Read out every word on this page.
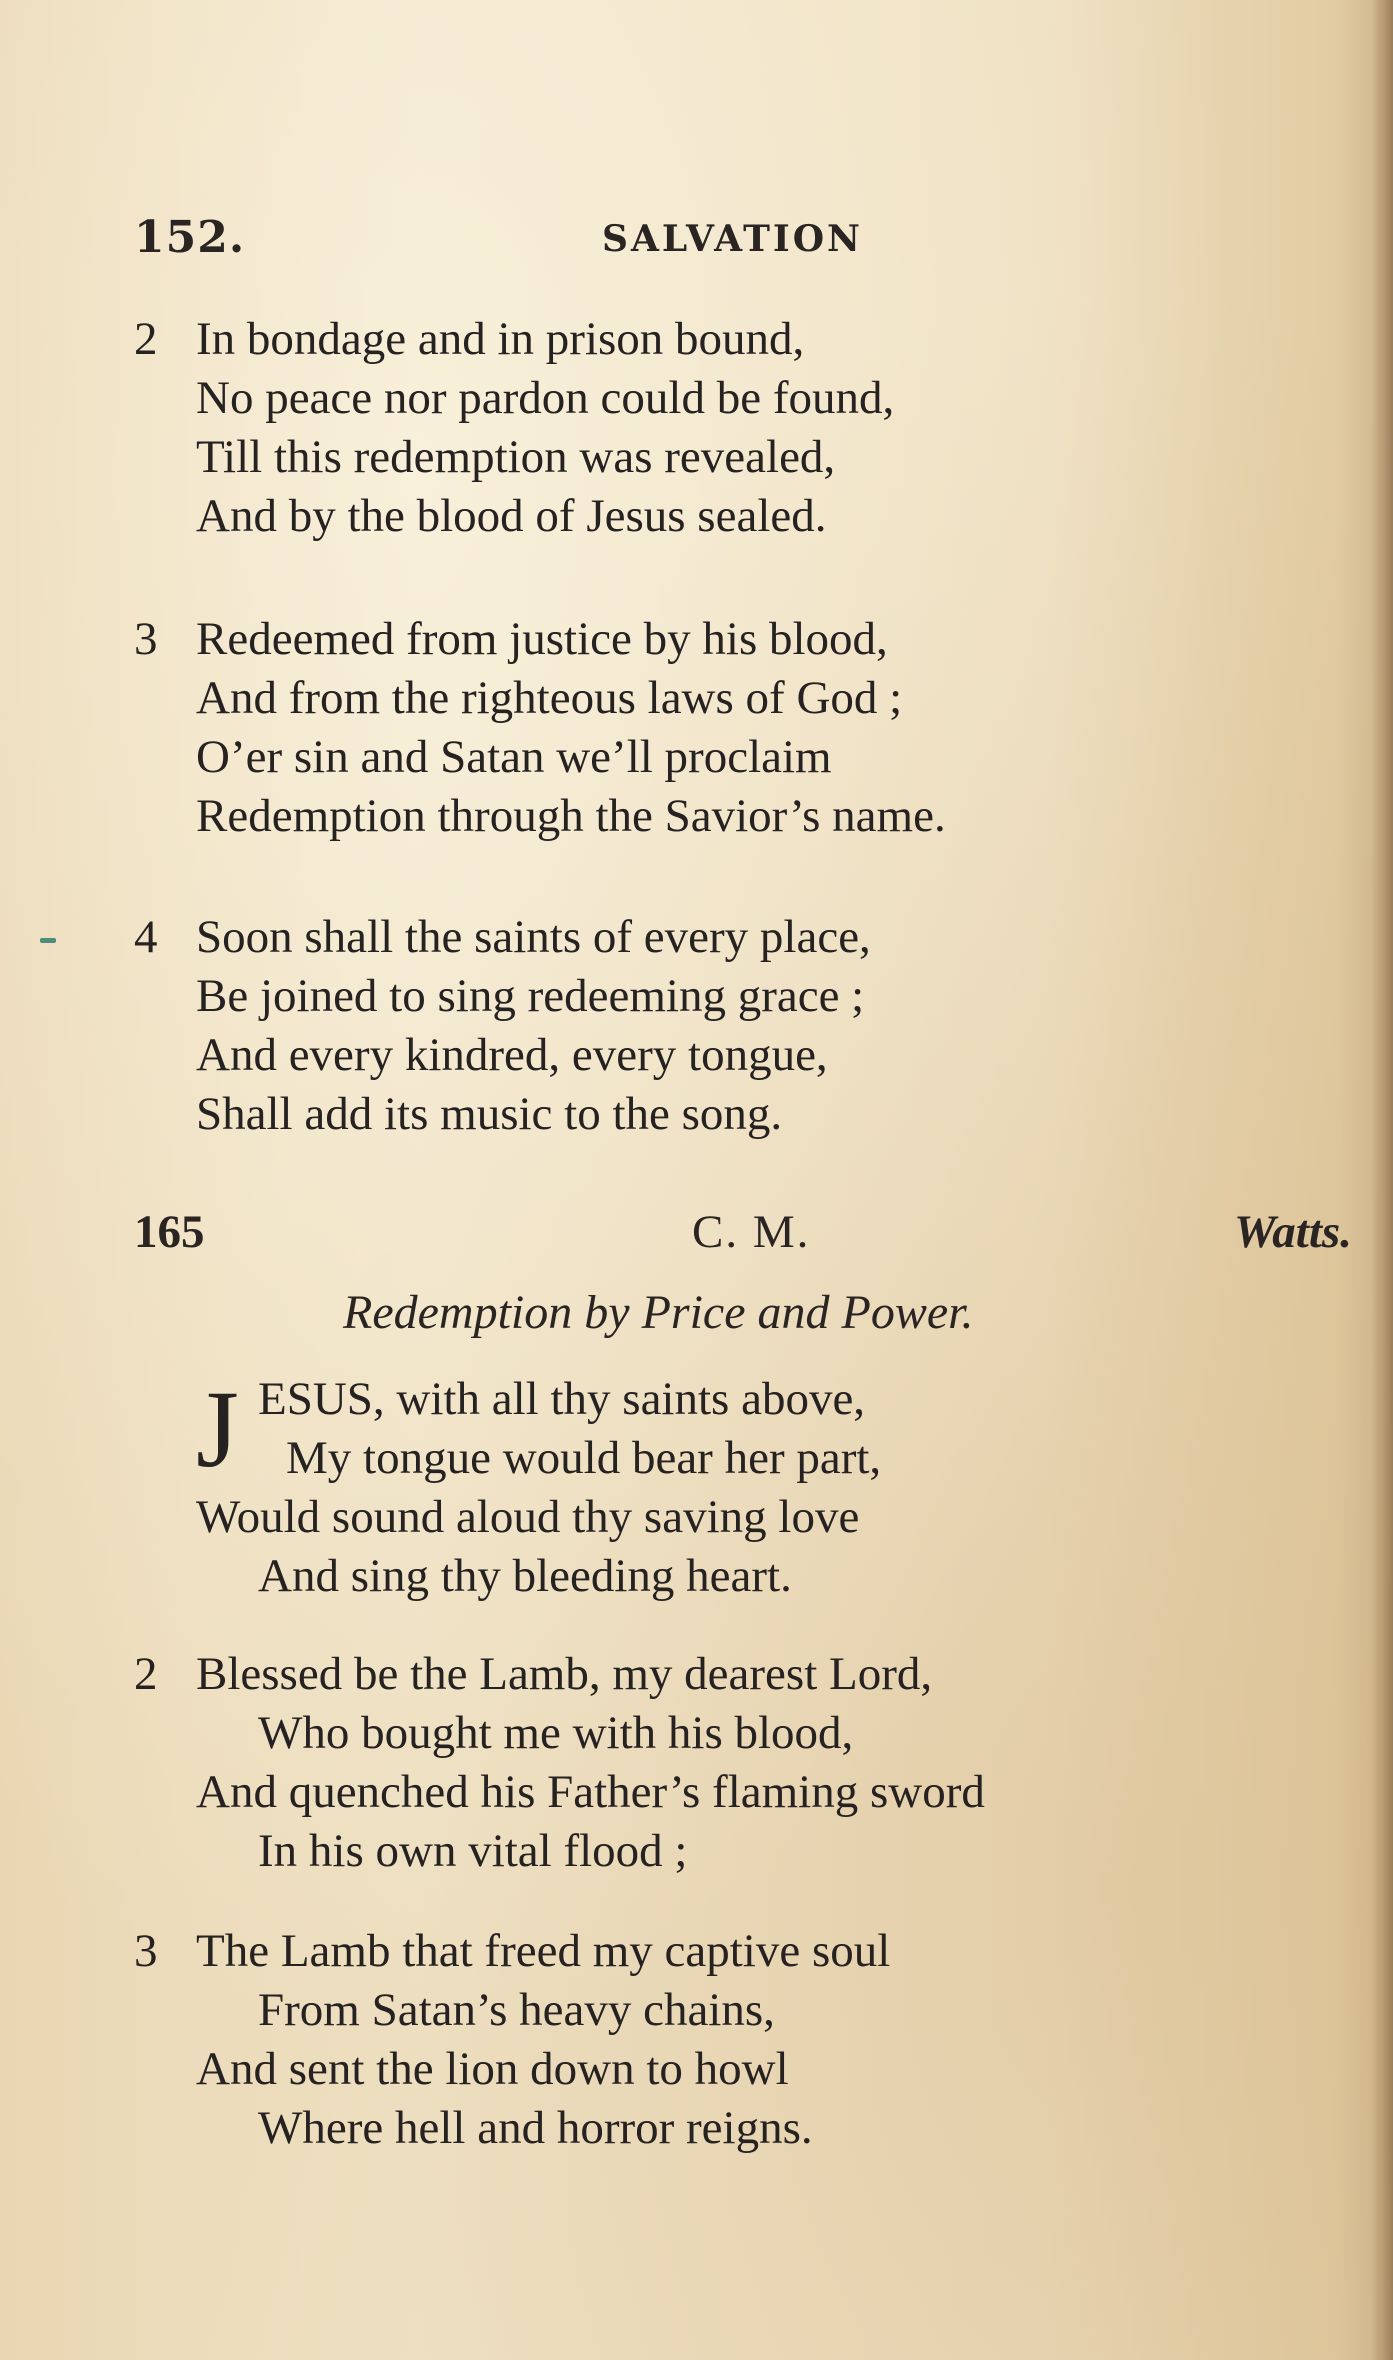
152.	SALVATION
2 In bondage and in prison bound,
No peace nor pardon could be found,
Till this redemption was revealed,
And by the blood of Jesus sealed.
3 Redeemed from justice by his blood,
And from the righteous laws of God ;
O’er sin and Satan we’ll proclaim
Redemption through the Savior’s name.
4 Soon shall the saints of every place,
Be joined to sing redeeming grace ;
And every kindred, every tongue,
Shall add its music to the song.
165	C. M.	Watts.
Redemption by Price and Power.
J ESUS, with all thy saints above,
My tongue would bear her part,
Would sound aloud thy saving love
And sing thy bleeding heart.
2 Blessed be the Lamb, my dearest Lord,
Who bought me with his blood,
And quenched his Father’s flaming sword
In his own vital flood ;
3 The Lamb that freed my captive soul
From Satan’s heavy chains,
And sent the lion down to howl
Where hell and horror reigns.
